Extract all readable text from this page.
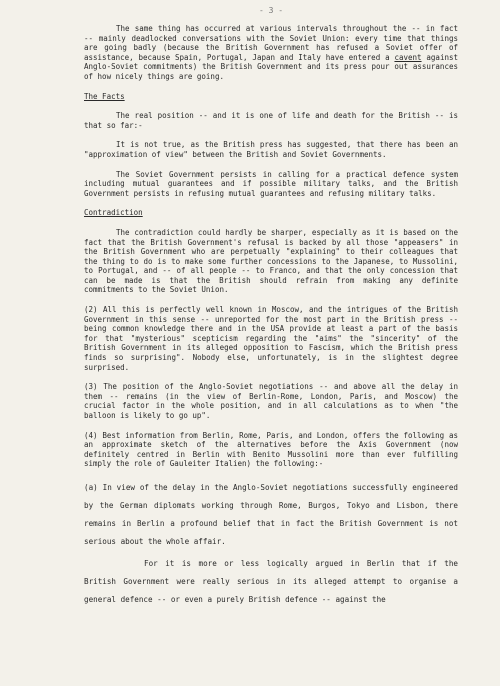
- 3 -

The same thing has occurred at various intervals throughout the -- in fact -- mainly deadlocked conversations with the Soviet Union: every time that things are going badly (because the British Government has refused a Soviet offer of assistance, because Spain, Portugal, Japan and Italy have entered a cavent against Anglo-Soviet commitments) the British Government and its press pour out assurances of how nicely things are going.

The Facts

The real position -- and it is one of life and death for the British -- is that so far:-

It is not true, as the British press has suggested, that there has been an "approximation of view" between the British and Soviet Governments.

The Soviet Government persists in calling for a practical defence system including mutual guarantees and if possible military talks, and the British Government persists in refusing mutual guarantees and refusing military talks.

Contradiction

The contradiction could hardly be sharper, especially as it is based on the fact that the British Government's refusal is backed by all those "appeasers" in the British Government who are perpetually "explaining" to their colleagues that the thing to do is to make some further concessions to the Japanese, to Mussolini, to Portugal, and -- of all people -- to Franco, and that the only concession that can be made is that the British should refrain from making any definite commitments to the Soviet Union.

(2) All this is perfectly well known in Moscow, and the intrigues of the British Government in this sense -- unreported for the most part in the British press -- being common knowledge there and in the USA provide at least a part of the basis for that "mysterious" scepticism regarding the "aims" the "sincerity" of the British Government in its alleged opposition to Fascism, which the British press finds so surprising". Nobody else, unfortunately, is in the slightest degree surprised.

(3) The position of the Anglo-Soviet negotiations -- and above all the delay in them -- remains (in the view of Berlin-Rome, London, Paris, and Moscow) the crucial factor in the whole position, and in all calculations as to when "the balloon is likely to go up".

(4) Best information from Berlin, Rome, Paris, and London, offers the following as an approximate sketch of the alternatives before the Axis Government (now definitely centred in Berlin with Benito Mussolini more than ever fulfilling simply the role of Gauleiter Italien) the following:-

(a) In view of the delay in the Anglo-Soviet negotiations successfully engineered by the German diplomats working through Rome, Burgos, Tokyo and Lisbon, there remains in Berlin a profound belief that in fact the British Government is not serious about the whole affair.

For it is more or less logically argued in Berlin that if the British Government were really serious in its alleged attempt to organise a general defence -- or even a purely British defence -- against the
